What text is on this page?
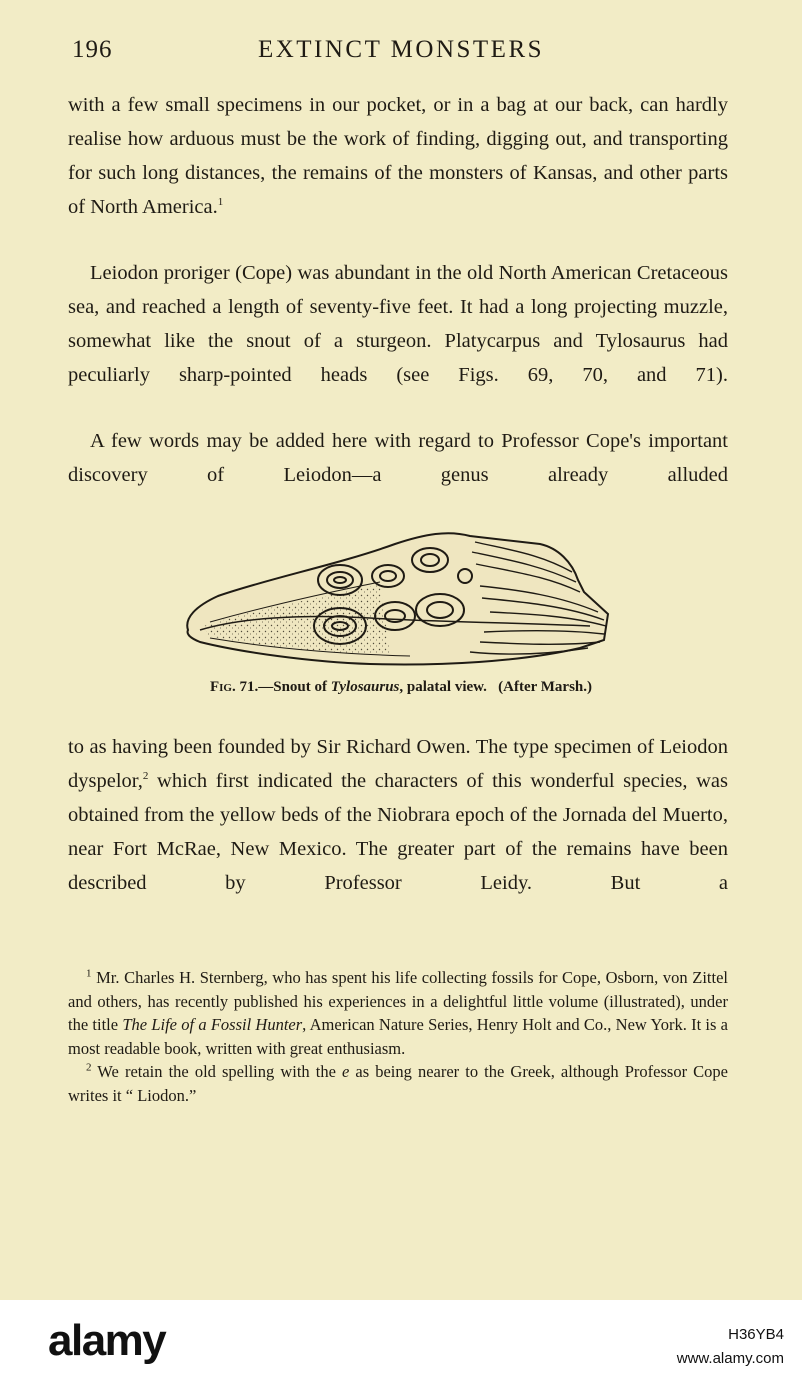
196	EXTINCT MONSTERS

with a few small specimens in our pocket, or in a bag at our back, can hardly realise how arduous must be the work of finding, digging out, and transporting for such long distances, the remains of the monsters of Kansas, and other parts of North America.$^1$

Leiodon proriger (Cope) was abundant in the old North American Cretaceous sea, and reached a length of seventy-five feet. It had a long projecting muzzle, somewhat like the snout of a sturgeon. Platycarpus and Tylosaurus had peculiarly sharp-pointed heads (see Figs. 69, 70, and 71).

A few words may be added here with regard to Professor Cope's important discovery of Leiodon—a genus already alluded

Fig. 71.—Snout of Tylosaurus, palatal view.   (After Marsh.)

to as having been founded by Sir Richard Owen. The type specimen of Leiodon dyspelor,$^2$ which first indicated the characters of this wonderful species, was obtained from the yellow beds of the Niobrara epoch of the Jornada del Muerto, near Fort McRae, New Mexico. The greater part of the remains have been described by Professor Leidy. But a

$^1$ Mr. Charles H. Sternberg, who has spent his life collecting fossils for Cope, Osborn, von Zittel and others, has recently published his experiences in a delightful little volume (illustrated), under the title The Life of a Fossil Hunter, American Nature Series, Henry Holt and Co., New York. It is a most readable book, written with great enthusiasm.

$^2$ We retain the old spelling with the e as being nearer to the Greek, although Professor Cope writes it “ Liodon.”

alamy	H36YB4
www.alamy.com
